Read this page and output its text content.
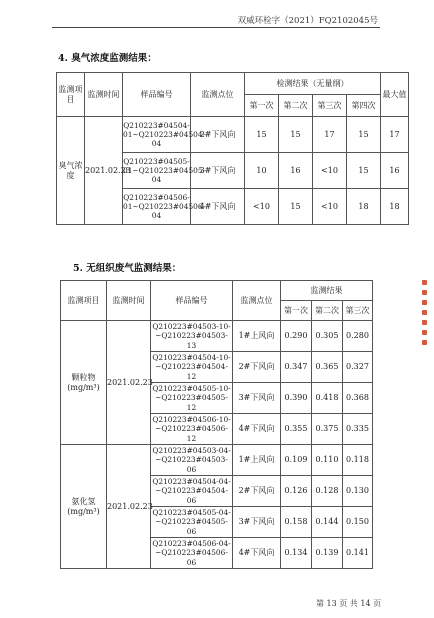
双威环检字（2021）FQ2102045号
4. 臭气浓度监测结果：
监测项目	监测时间	样品编号	监测点位	检测结果（无量纲）				最大值
				第一次	第二次	第三次	第四次	
臭气浓度	2021.02.23	Q210223#04504-01~Q210223#04504-04	2#下风向	15	15	17	15	17
		Q210223#04505-01~Q210223#04505-04	3#下风向	10	16	<10	15	16
		Q210223#04506-01~Q210223#04506-04	4#下风向	<10	15	<10	18	18
5. 无组织废气监测结果：
监测项目	监测时间	样品编号	监测点位	监测结果		
				第一次	第二次	第三次

颗粒物
(mg/m³)	2021.02.23	Q210223#04503-10-~Q210223#04503-13	1#上风向	0.290	0.305	0.280
		Q210223#04504-10-~Q210223#04504-12	2#下风向	0.347	0.365	0.327
		Q210223#04505-10-~Q210223#04505-12	3#下风向	0.390	0.418	0.368
		Q210223#04506-10-~Q210223#04506-12	4#下风向	0.355	0.375	0.335

氨化氢
(mg/m³)	2021.02.23	Q210223#04503-04-~Q210223#04503-06	1#上风向	0.109	0.110	0.118
		Q210223#04504-04-~Q210223#04504-06	2#下风向	0.126	0.128	0.130
		Q210223#04505-04-~Q210223#04505-06	3#下风向	0.158	0.144	0.150
		Q210223#04506-04-~Q210223#04506-06	4#下风向	0.134	0.139	0.141
第 13 页 共 14 页
